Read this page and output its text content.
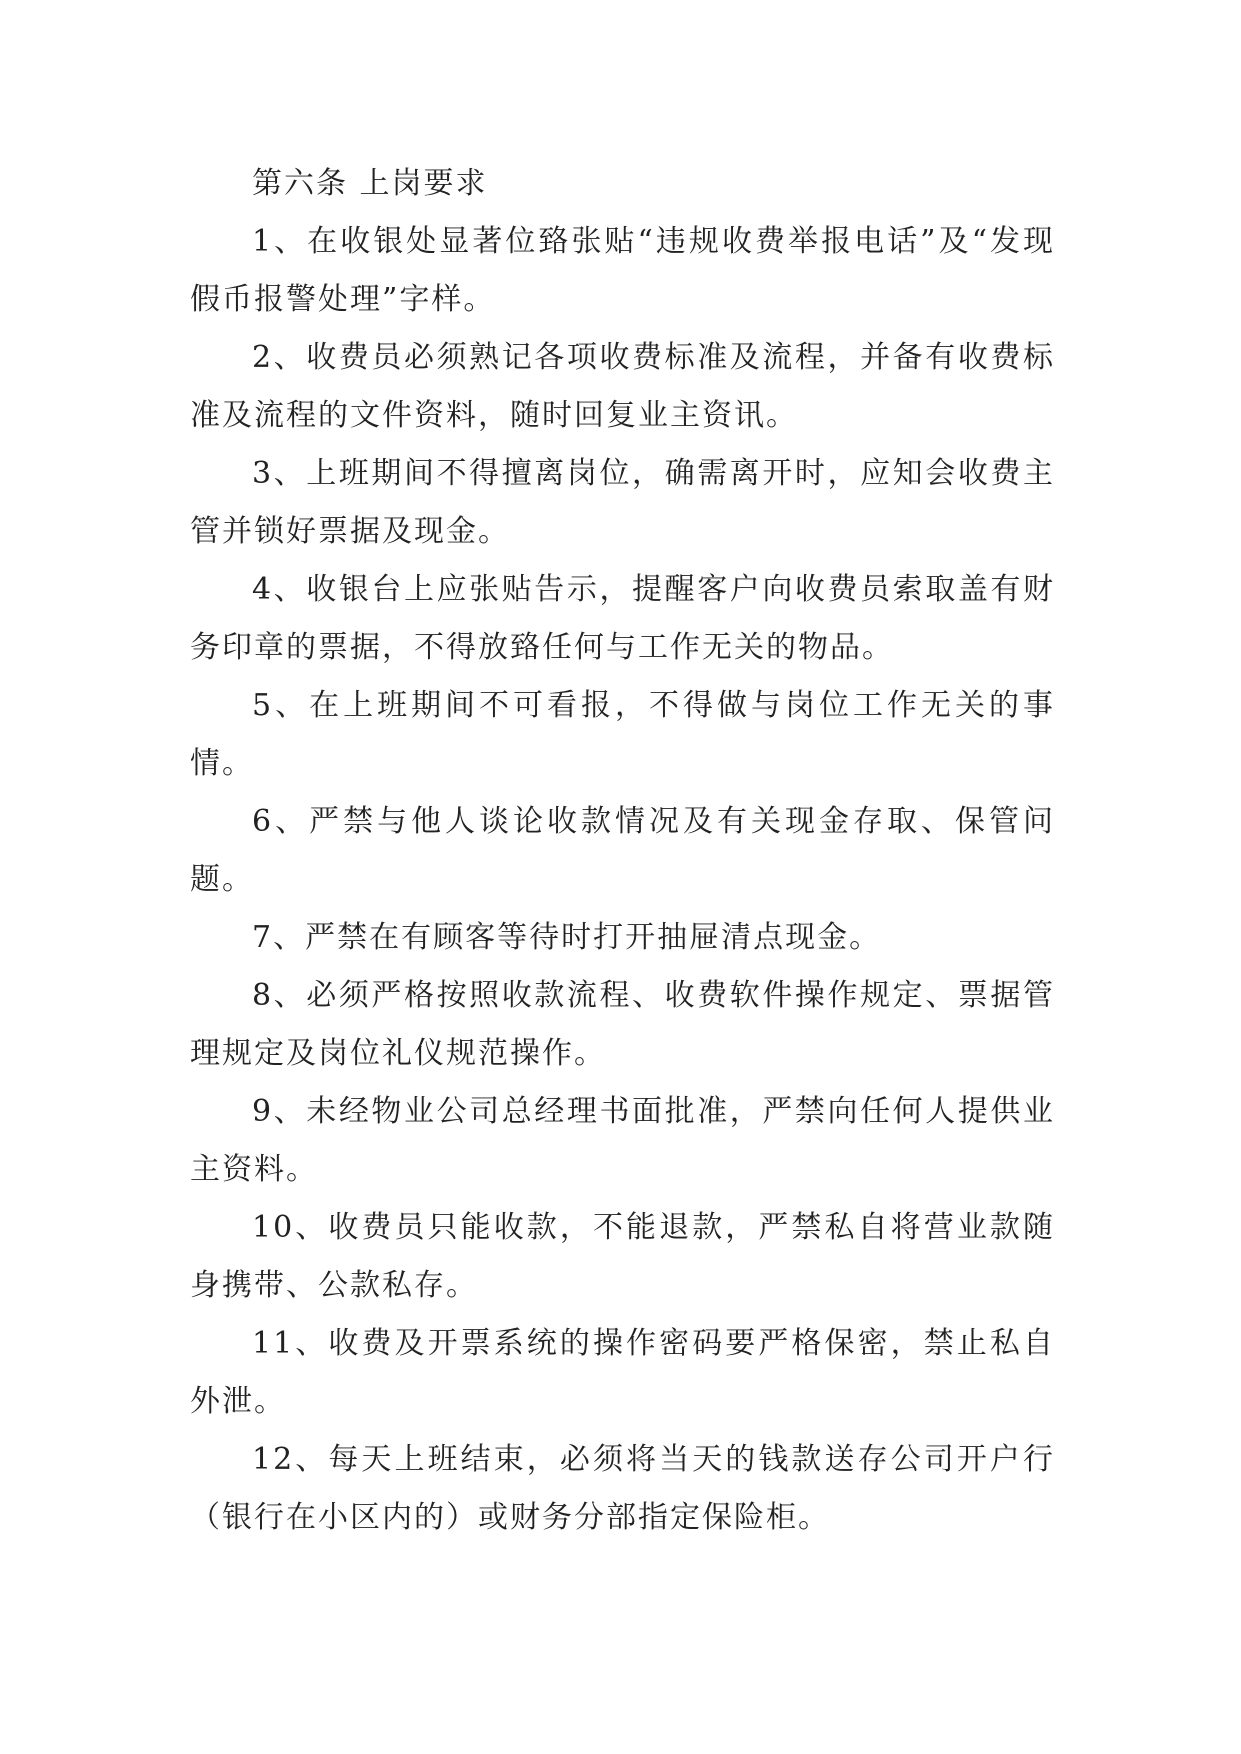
第六条 上岗要求

1、在收银处显著位臵张贴“违规收费举报电话”及“发现假币报警处理”字样。

2、收费员必须熟记各项收费标准及流程，并备有收费标准及流程的文件资料，随时回复业主资讯。

3、上班期间不得擅离岗位，确需离开时，应知会收费主管并锁好票据及现金。

4、收银台上应张贴告示，提醒客户向收费员索取盖有财务印章的票据，不得放臵任何与工作无关的物品。

5、在上班期间不可看报，不得做与岗位工作无关的事情。

6、严禁与他人谈论收款情况及有关现金存取、保管问题。

7、严禁在有顾客等待时打开抽屉清点现金。

8、必须严格按照收款流程、收费软件操作规定、票据管理规定及岗位礼仪规范操作。

9、未经物业公司总经理书面批准，严禁向任何人提供业主资料。

10、收费员只能收款，不能退款，严禁私自将营业款随身携带、公款私存。

11、收费及开票系统的操作密码要严格保密，禁止私自外泄。

12、每天上班结束，必须将当天的钱款送存公司开户行（银行在小区内的）或财务分部指定保险柜。
